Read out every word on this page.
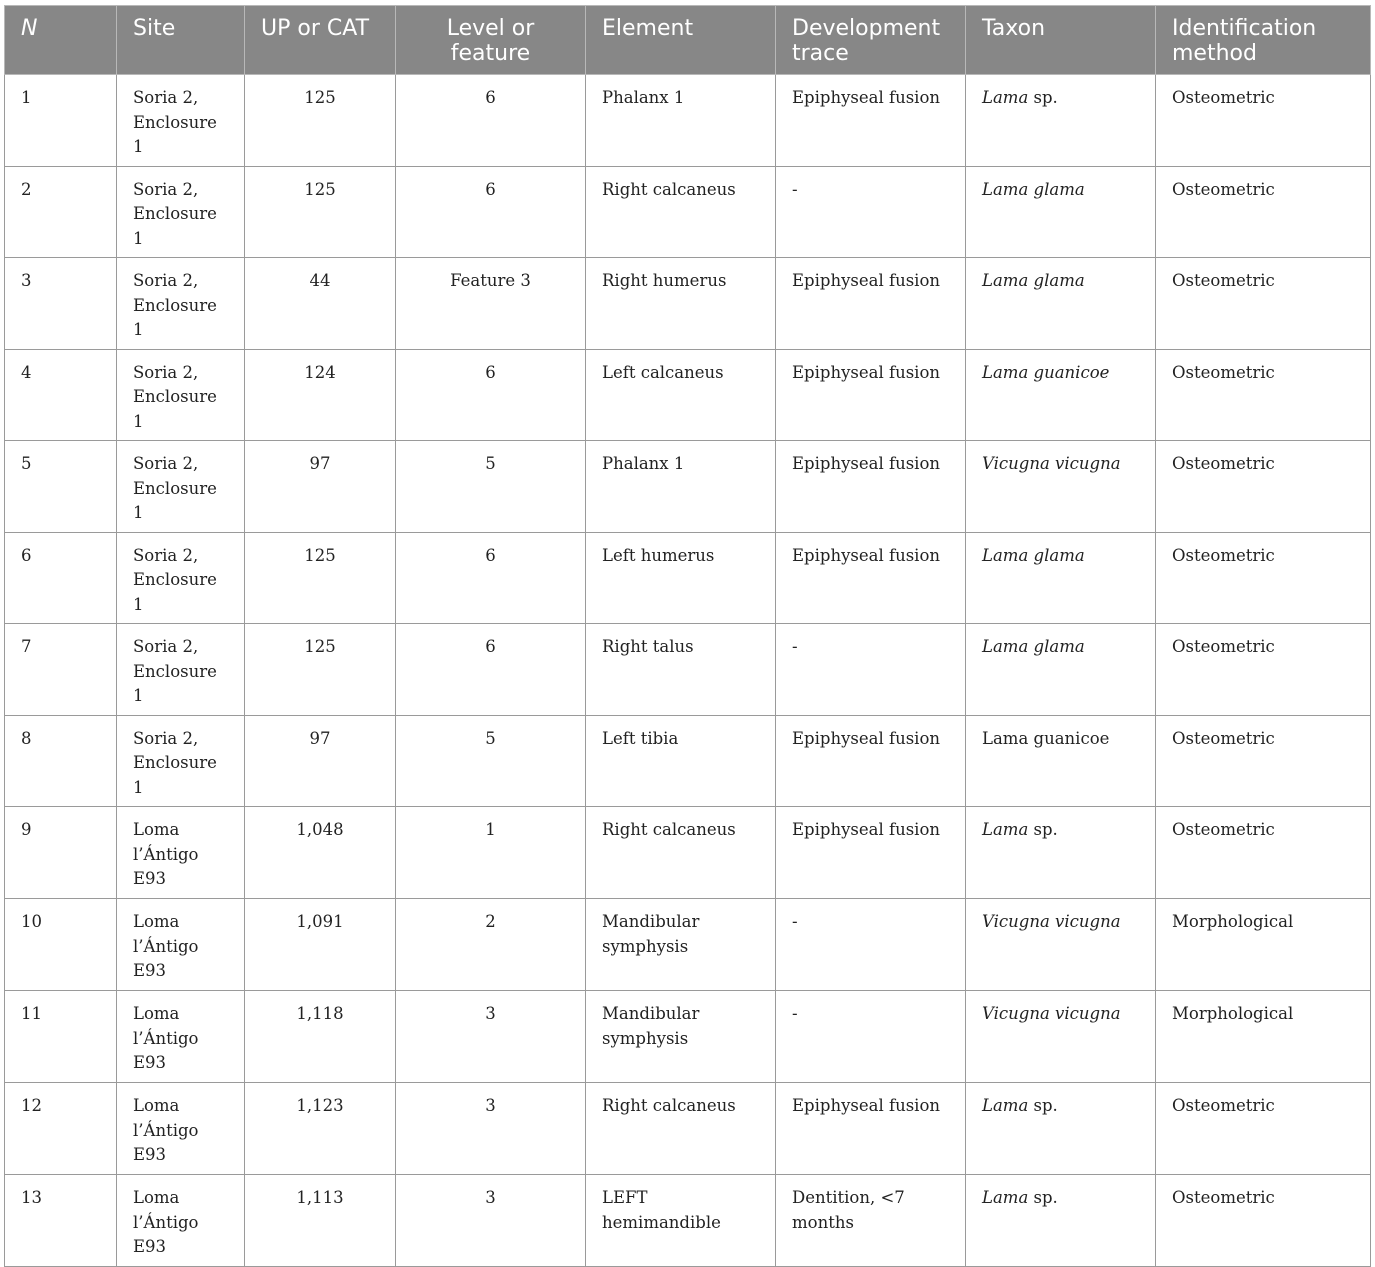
N	Site	UP or CAT	Level or feature	Element	Development trace	Taxon	Identification method
1	Soria 2, Enclosure 1	125	6	Phalanx 1	Epiphyseal fusion	Lama sp.	Osteometric
2	Soria 2, Enclosure 1	125	6	Right calcaneus	-	Lama glama	Osteometric
3	Soria 2, Enclosure 1	44	Feature 3	Right humerus	Epiphyseal fusion	Lama glama	Osteometric
4	Soria 2, Enclosure 1	124	6	Left calcaneus	Epiphyseal fusion	Lama guanicoe	Osteometric
5	Soria 2, Enclosure 1	97	5	Phalanx 1	Epiphyseal fusion	Vicugna vicugna	Osteometric
6	Soria 2, Enclosure 1	125	6	Left humerus	Epiphyseal fusion	Lama glama	Osteometric
7	Soria 2, Enclosure 1	125	6	Right talus	-	Lama glama	Osteometric
8	Soria 2, Enclosure 1	97	5	Left tibia	Epiphyseal fusion	Lama guanicoe	Osteometric
9	Loma l’Ántigo E93	1,048	1	Right calcaneus	Epiphyseal fusion	Lama sp.	Osteometric
10	Loma l’Ántigo E93	1,091	2	Mandibular symphysis	-	Vicugna vicugna	Morphological
11	Loma l’Ántigo E93	1,118	3	Mandibular symphysis	-	Vicugna vicugna	Morphological
12	Loma l’Ántigo E93	1,123	3	Right calcaneus	Epiphyseal fusion	Lama sp.	Osteometric
13	Loma l’Ántigo E93	1,113	3	LEFT hemimandible	Dentition, <7 months	Lama sp.	Osteometric
